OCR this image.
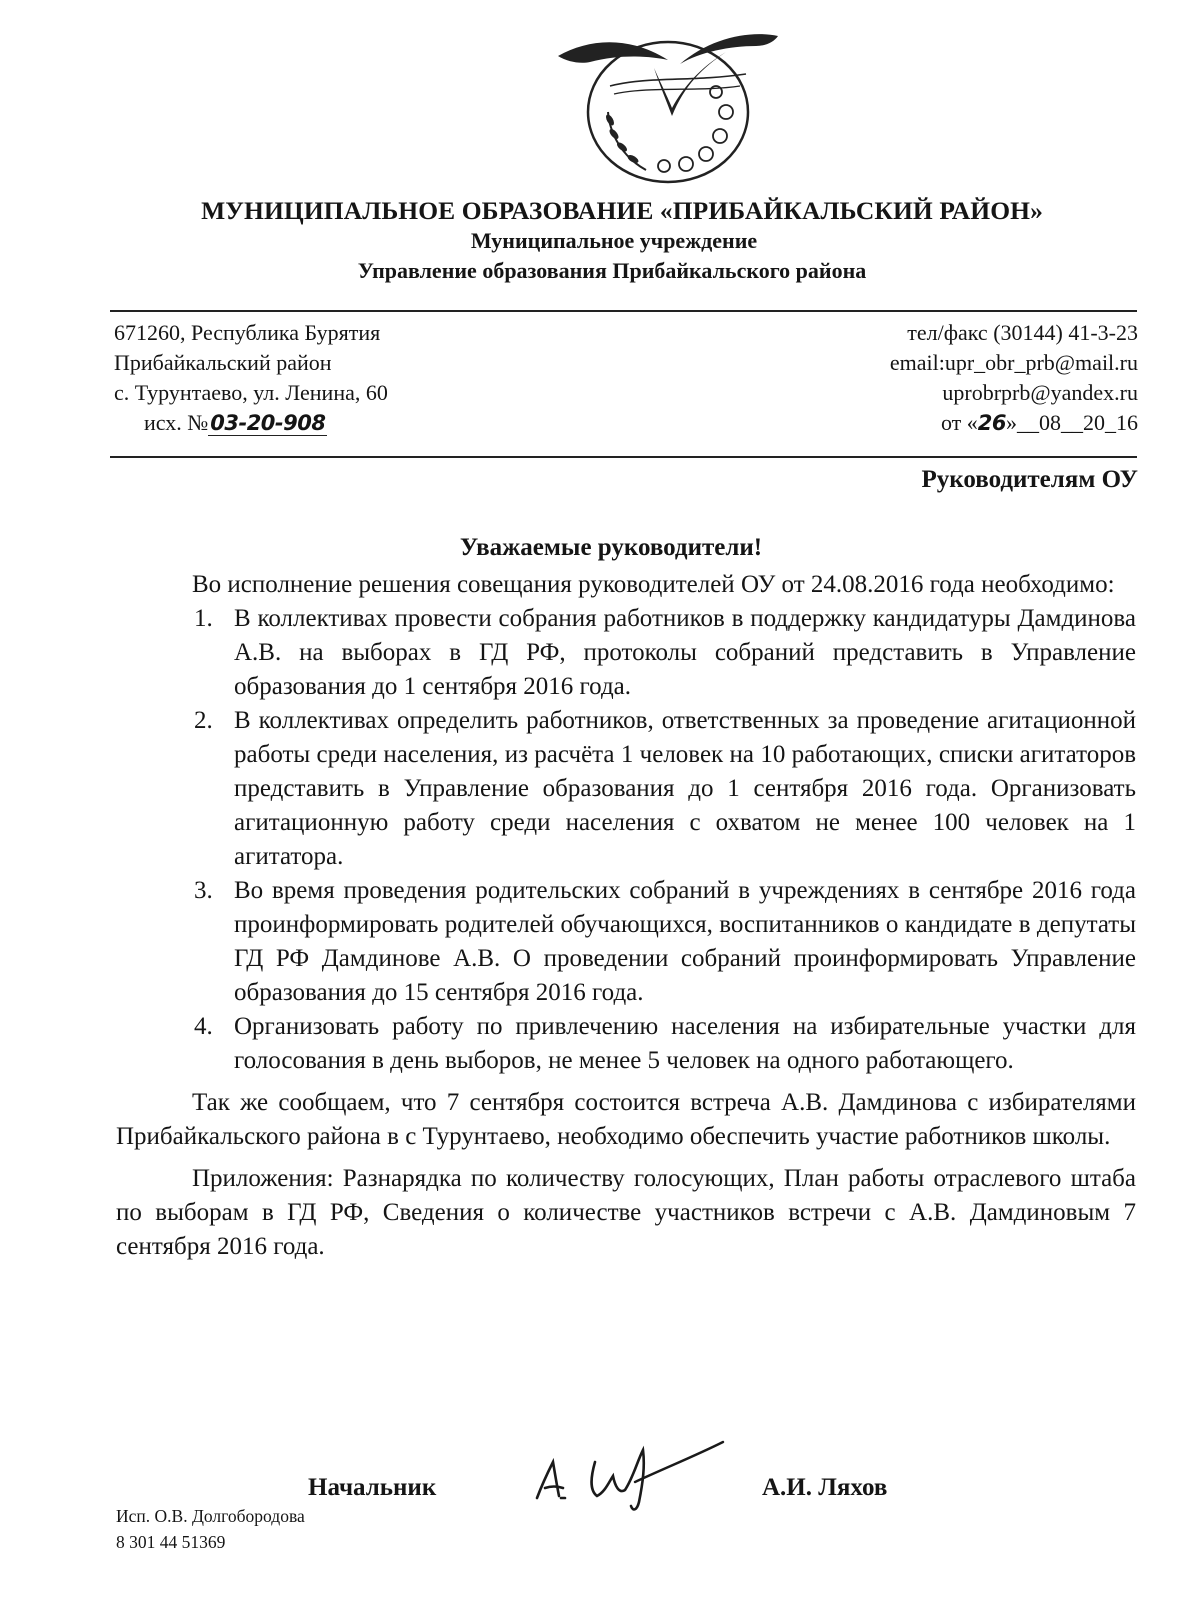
МУНИЦИПАЛЬНОЕ ОБРАЗОВАНИЕ «ПРИБАЙКАЛЬСКИЙ РАЙОН»
Муниципальное учреждение
Управление образования Прибайкальского района
671260, Республика Бурятия
Прибайкальский район
с. Турунтаево, ул. Ленина, 60
исх. №03-20-908
тел/факс (30144) 41-3-23
email:upr_obr_prb@mail.ru
uprobrprb@yandex.ru
от «26»__08__20_16
Руководителям ОУ
Уважаемые руководители!

Во исполнение решения совещания руководителей ОУ от 24.08.2016 года необходимо:

1. В коллективах провести собрания работников в поддержку кандидатуры Дамдинова А.В. на выборах в ГД РФ, протоколы собраний представить в Управление образования до 1 сентября 2016 года.
2. В коллективах определить работников, ответственных за проведение агитационной работы среди населения, из расчёта 1 человек на 10 работающих, списки агитаторов представить в Управление образования до 1 сентября 2016 года. Организовать агитационную работу среди населения с охватом не менее 100 человек на 1 агитатора.
3. Во время проведения родительских собраний в учреждениях в сентябре 2016 года проинформировать родителей обучающихся, воспитанников о кандидате в депутаты ГД РФ Дамдинове А.В. О проведении собраний проинформировать Управление образования до 15 сентября 2016 года.
4. Организовать работу по привлечению населения на избирательные участки для голосования в день выборов, не менее 5 человек на одного работающего.

Так же сообщаем, что 7 сентября состоится встреча А.В. Дамдинова с избирателями Прибайкальского района в с Турунтаево, необходимо обеспечить участие работников школы.

Приложения: Разнарядка по количеству голосующих, План работы отраслевого штаба по выборам в ГД РФ, Сведения о количестве участников встречи с А.В. Дамдиновым 7 сентября 2016 года.

Начальник	А.И. Ляхов
Исп. О.В. Долгобородова
8 301 44 51369
